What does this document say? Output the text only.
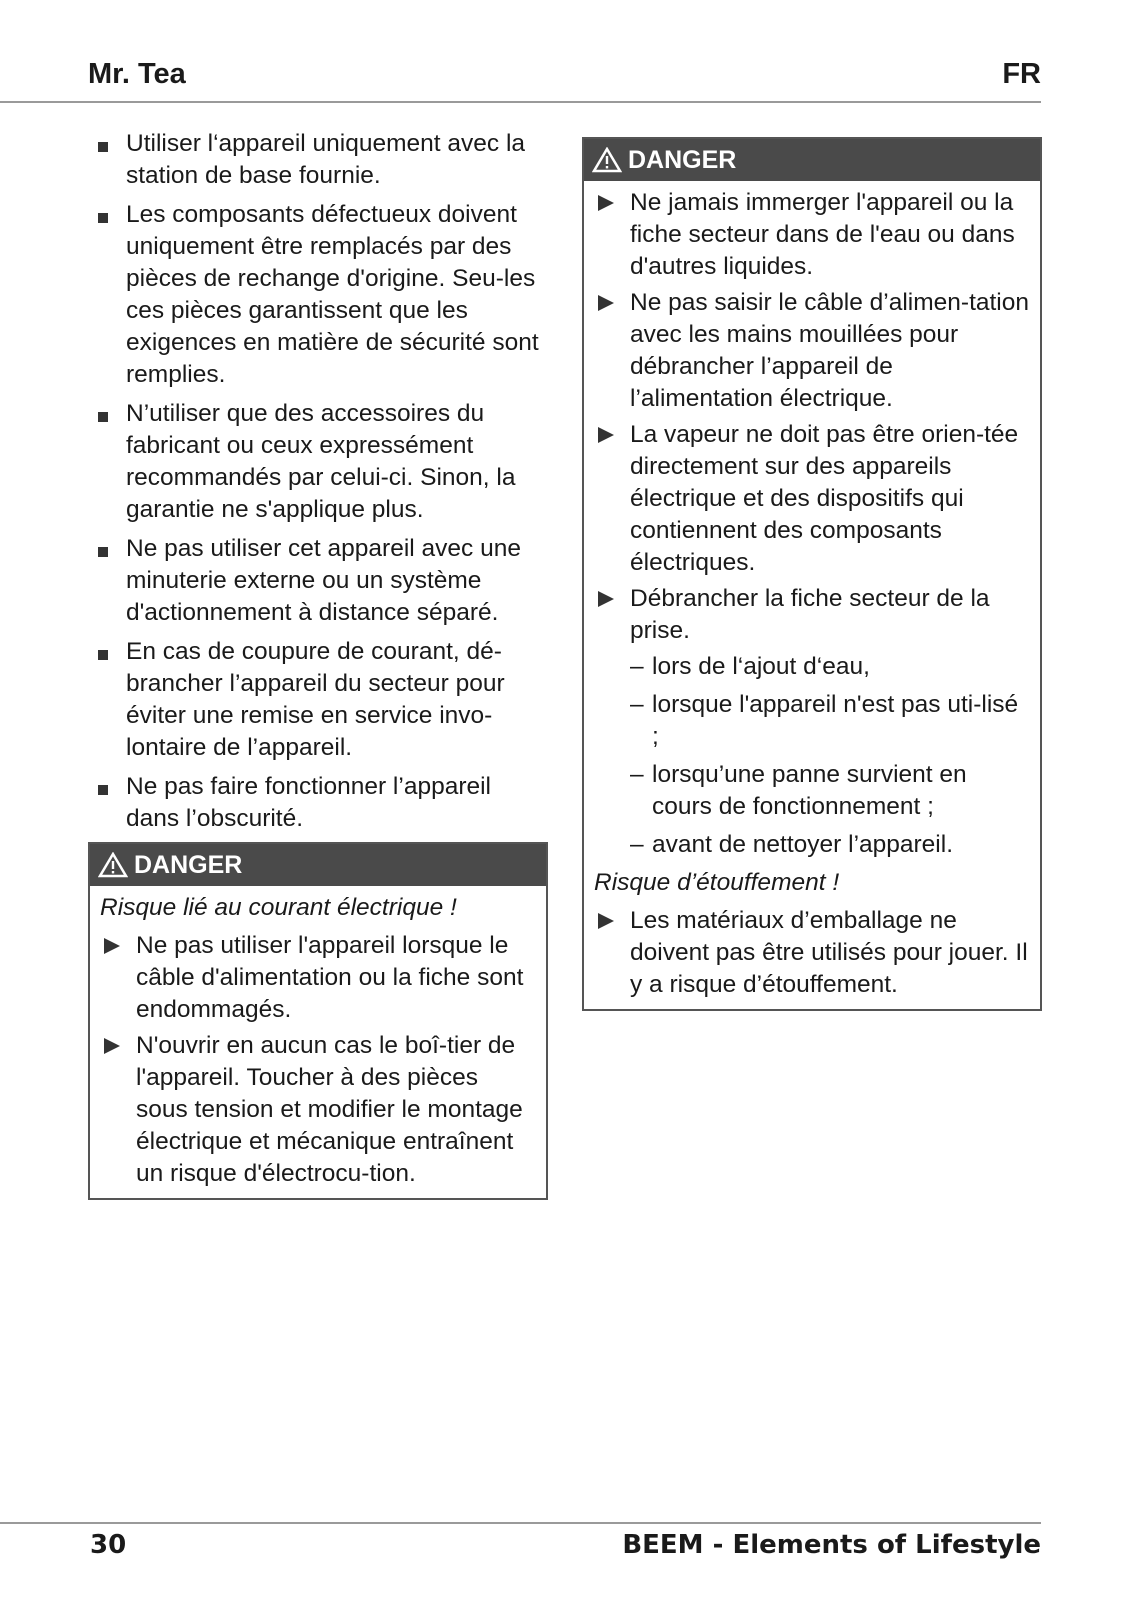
Mr. Tea	FR
Utiliser l‘appareil uniquement avec la station de base fournie.
Les composants défectueux doivent uniquement être remplacés par des pièces de rechange d'origine. Seu-les ces pièces garantissent que les exigences en matière de sécurité sont remplies.
N’utiliser que des accessoires du fabricant ou ceux expressément recommandés par celui-ci. Sinon, la garantie ne s'applique plus.
Ne pas utiliser cet appareil avec une minuterie externe ou un système d'actionnement à distance séparé.
En cas de coupure de courant, dé-brancher l’appareil du secteur pour éviter une remise en service invo-lontaire de l’appareil.
Ne pas faire fonctionner l’appareil dans l’obscurité.
DANGER

Risque lié au courant électrique !

Ne pas utiliser l'appareil lorsque le câble d'alimentation ou la fiche sont endommagés.
N'ouvrir en aucun cas le boî-tier de l'appareil. Toucher à des pièces sous tension et modifier le montage électrique et mécanique entraînent un risque d'électrocu-tion.
DANGER
Ne jamais immerger l'appareil ou la fiche secteur dans de l'eau ou dans d'autres liquides.
Ne pas saisir le câble d’alimen-tation avec les mains mouillées pour débrancher l’appareil de l’alimentation électrique.
La vapeur ne doit pas être orien-tée directement sur des appareils électrique et des dispositifs qui contiennent des composants électriques.
Débrancher la fiche secteur de la prise.
– lors de l‘ajout d‘eau,
– lorsque l'appareil n'est pas uti-lisé ;
– lorsqu’une panne survient en cours de fonctionnement ;
– avant de nettoyer l’appareil.

Risque d’étouffement !

Les matériaux d’emballage ne doivent pas être utilisés pour jouer. Il y a risque d’étouffement.
30	BEEM - Elements of Lifestyle
